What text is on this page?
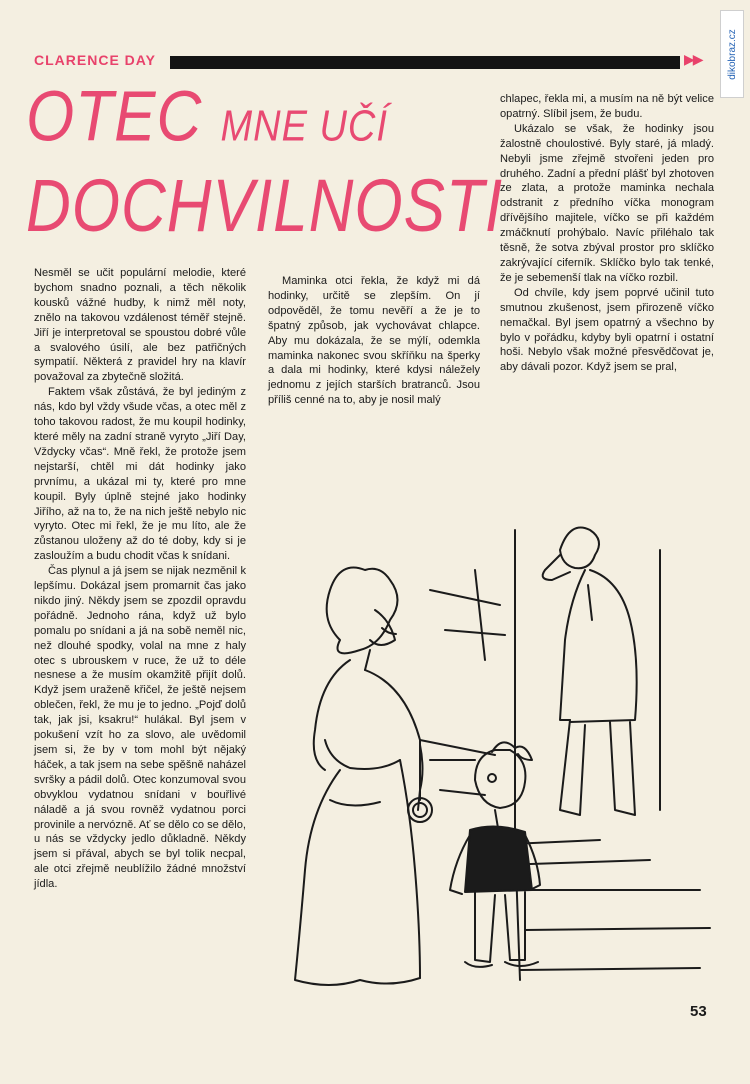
CLARENCE DAY	▶▶ dikobraz.cz
OTEC MNE UČÍ
DOCHVILNOSTI

Nesměl se učit populární melodie, které bychom snadno poznali, a těch několik kousků vážné hudby, k nimž měl noty, znělo na takovou vzdálenost téměř stejně. Jiří je interpretoval se spoustou dobré vůle a svalového úsilí, ale bez patřičných sympatií. Některá z pravidel hry na klavír považoval za zbytečně složitá.

Faktem však zůstává, že byl jediným z nás, kdo byl vždy všude včas, a otec měl z toho takovou radost, že mu koupil hodinky, které měly na zadní straně vyryto „Jiří Day, Vždycky včas“. Mně řekl, že protože jsem nejstarší, chtěl mi dát hodinky jako prvnímu, a ukázal mi ty, které pro mne koupil. Byly úplně stejné jako hodinky Jiřího, až na to, že na nich ještě nebylo nic vyryto. Otec mi řekl, že je mu líto, ale že zůstanou uloženy až do té doby, kdy si je zasloužím a budu chodit včas k snídani.

Čas plynul a já jsem se nijak nezměnil k lepšímu. Dokázal jsem promarnit čas jako nikdo jiný. Někdy jsem se zpozdil opravdu pořádně. Jednoho rána, když už bylo pomalu po snídani a já na sobě neměl nic, než dlouhé spodky, volal na mne z haly otec s ubrouskem v ruce, že už to déle nesnese a že musím okamžitě přijít dolů. Když jsem uraženě křičel, že ještě nejsem oblečen, řekl, že mu je to jedno. „Pojď dolů tak, jak jsi, ksakru!“ hulákal. Byl jsem v pokušení vzít ho za slovo, ale uvědomil jsem si, že by v tom mohl být nějaký háček, a tak jsem na sebe spěšně naházel svršky a pádil dolů. Otec konzumoval svou obvyklou vydatnou snídani v bouřlivé náladě a já svou rovněž vydatnou porci provinile a nervózně. Ať se dělo co se dělo, u nás se vždycky jedlo důkladně. Někdy jsem si přával, abych se byl tolik necpal, ale otci zřejmě neublížilo žádné množství jídla.

Maminka otci řekla, že když mi dá hodinky, určitě se zlepším. On jí odpověděl, že tomu nevěří a že je to špatný způsob, jak vychovávat chlapce. Aby mu dokázala, že se mýlí, odemkla maminka nakonec svou skříňku na šperky a dala mi hodinky, které kdysi náležely jednomu z jejích starších bratranců. Jsou příliš cenné na to, aby je nosil malý

chlapec, řekla mi, a musím na ně být velice opatrný. Slíbil jsem, že budu.

Ukázalo se však, že hodinky jsou žalostně choulostivé. Byly staré, já mladý. Nebyli jsme zřejmě stvořeni jeden pro druhého. Zadní a přední plášť byl zhotoven ze zlata, a protože maminka nechala odstranit z předního víčka monogram dřívějšího majitele, víčko se při každém zmáčknutí prohýbalo. Navíc přiléhalo tak těsně, že sotva zbýval prostor pro sklíčko zakrývající ciferník. Sklíčko bylo tak tenké, že je sebemenší tlak na víčko rozbil.

Od chvíle, kdy jsem poprvé učinil tuto smutnou zkušenost, jsem přirozeně víčko nemačkal. Byl jsem opatrný a všechno by bylo v pořádku, kdyby byli opatrní i ostatní hoši. Nebylo však možné přesvědčovat je, aby dávali pozor. Když jsem se pral,

53
